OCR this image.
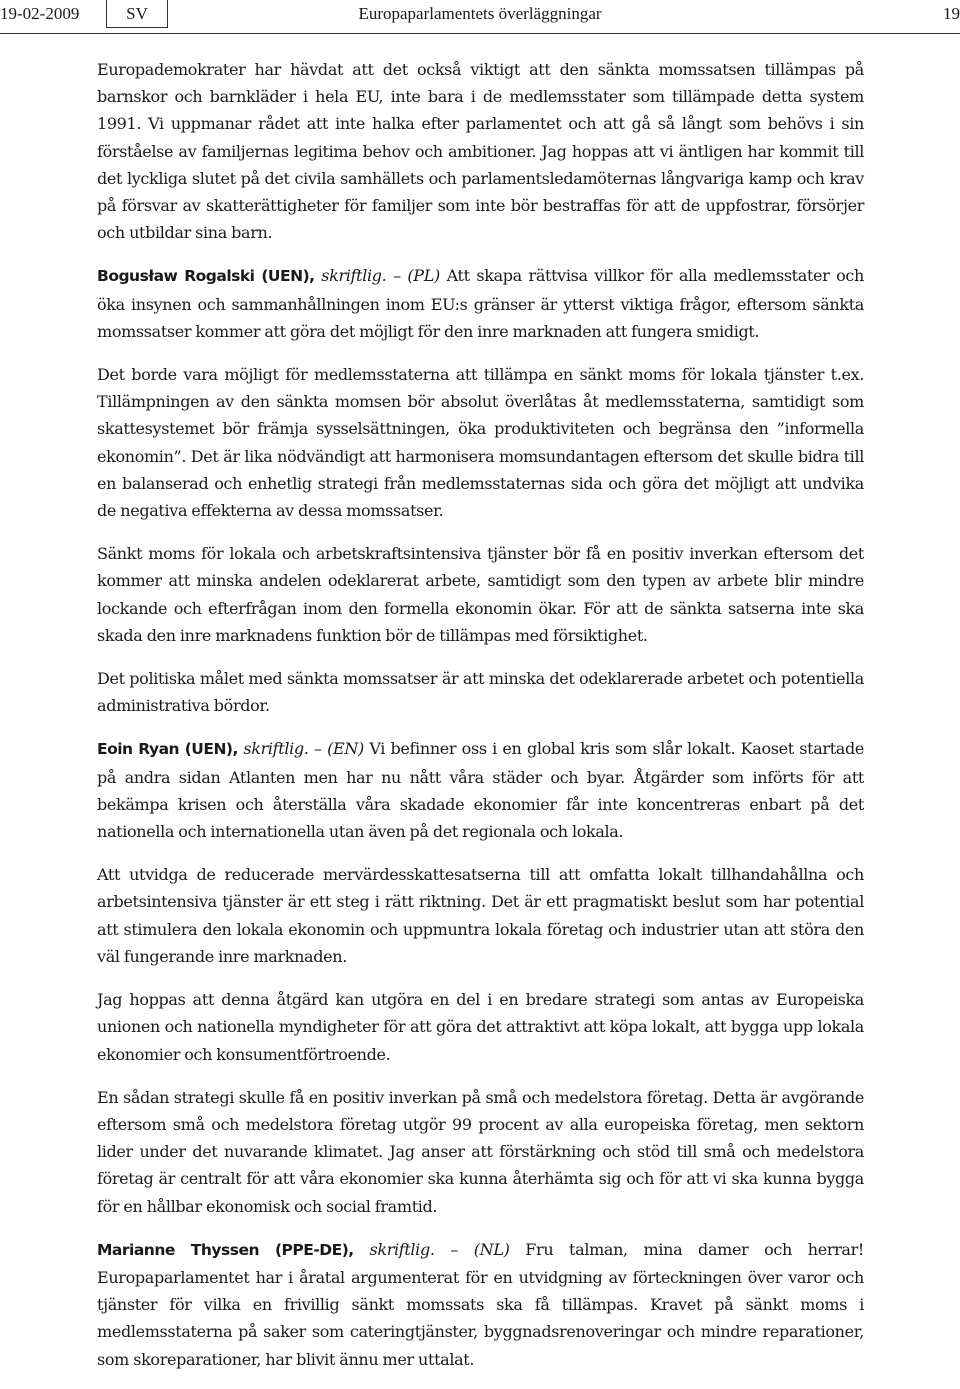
19-02-2009	SV	Europaparlamentets överläggningar	19

Europademokrater har hävdat att det också viktigt att den sänkta momssatsen tillämpas på barnskor och barnkläder i hela EU, inte bara i de medlemsstater som tillämpade detta system 1991. Vi uppmanar rådet att inte halka efter parlamentet och att gå så långt som behövs i sin förståelse av familjernas legitima behov och ambitioner. Jag hoppas att vi äntligen har kommit till det lyckliga slutet på det civila samhällets och parlamentsledamöternas långvariga kamp och krav på försvar av skatterättigheter för familjer som inte bör bestraffas för att de uppfostrar, försörjer och utbildar sina barn.

Bogusław Rogalski (UEN), skriftlig. – (PL) Att skapa rättvisa villkor för alla medlemsstater och öka insynen och sammanhållningen inom EU:s gränser är ytterst viktiga frågor, eftersom sänkta momssatser kommer att göra det möjligt för den inre marknaden att fungera smidigt.

Det borde vara möjligt för medlemsstaterna att tillämpa en sänkt moms för lokala tjänster t.ex. Tillämpningen av den sänkta momsen bör absolut överlåtas åt medlemsstaterna, samtidigt som skattesystemet bör främja sysselsättningen, öka produktiviteten och begränsa den ”informella ekonomin”. Det är lika nödvändigt att harmonisera momsundantagen eftersom det skulle bidra till en balanserad och enhetlig strategi från medlemsstaternas sida och göra det möjligt att undvika de negativa effekterna av dessa momssatser.

Sänkt moms för lokala och arbetskraftsintensiva tjänster bör få en positiv inverkan eftersom det kommer att minska andelen odeklarerat arbete, samtidigt som den typen av arbete blir mindre lockande och efterfrågan inom den formella ekonomin ökar. För att de sänkta satserna inte ska skada den inre marknadens funktion bör de tillämpas med försiktighet.

Det politiska målet med sänkta momssatser är att minska det odeklarerade arbetet och potentiella administrativa bördor.

Eoin Ryan (UEN), skriftlig. – (EN) Vi befinner oss i en global kris som slår lokalt. Kaoset startade på andra sidan Atlanten men har nu nått våra städer och byar. Åtgärder som införts för att bekämpa krisen och återställa våra skadade ekonomier får inte koncentreras enbart på det nationella och internationella utan även på det regionala och lokala.

Att utvidga de reducerade mervärdesskattesatserna till att omfatta lokalt tillhandahållna och arbetsintensiva tjänster är ett steg i rätt riktning. Det är ett pragmatiskt beslut som har potential att stimulera den lokala ekonomin och uppmuntra lokala företag och industrier utan att störa den väl fungerande inre marknaden.

Jag hoppas att denna åtgärd kan utgöra en del i en bredare strategi som antas av Europeiska unionen och nationella myndigheter för att göra det attraktivt att köpa lokalt, att bygga upp lokala ekonomier och konsumentförtroende.

En sådan strategi skulle få en positiv inverkan på små och medelstora företag. Detta är avgörande eftersom små och medelstora företag utgör 99 procent av alla europeiska företag, men sektorn lider under det nuvarande klimatet. Jag anser att förstärkning och stöd till små och medelstora företag är centralt för att våra ekonomier ska kunna återhämta sig och för att vi ska kunna bygga för en hållbar ekonomisk och social framtid.

Marianne Thyssen (PPE-DE), skriftlig. – (NL) Fru talman, mina damer och herrar! Europaparlamentet har i åratal argumenterat för en utvidgning av förteckningen över varor och tjänster för vilka en frivillig sänkt momssats ska få tillämpas. Kravet på sänkt moms i medlemsstaterna på saker som cateringtjänster, byggnadsrenoveringar och mindre reparationer, som skoreparationer, har blivit ännu mer uttalat.
